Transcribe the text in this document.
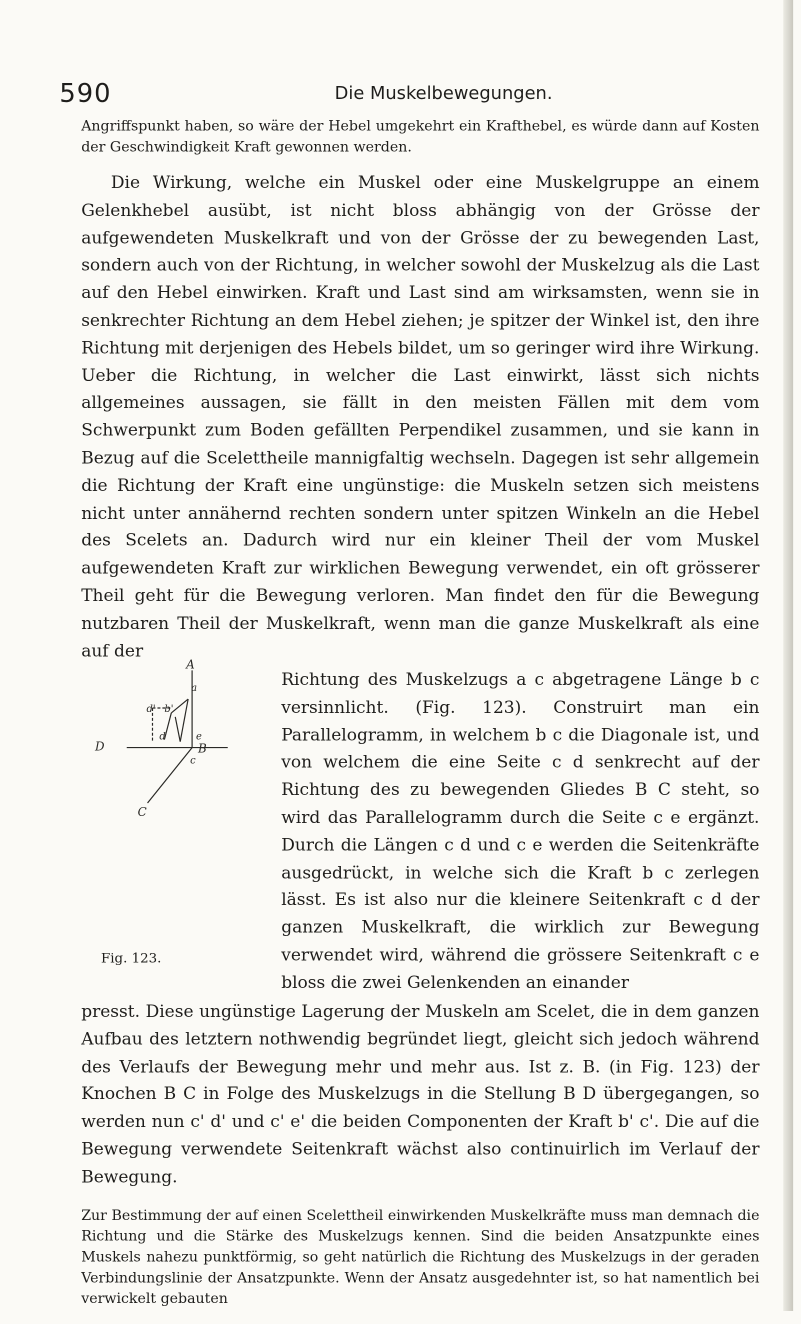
590	Die Muskelbewegungen.

Angriffspunkt haben, so wäre der Hebel umgekehrt ein Krafthebel, es würde dann auf Kosten der Geschwindigkeit Kraft gewonnen werden.

Die Wirkung, welche ein Muskel oder eine Muskelgruppe an einem Gelenkhebel ausübt, ist nicht bloss abhängig von der Grösse der aufgewendeten Muskelkraft und von der Grösse der zu bewegenden Last, sondern auch von der Richtung, in welcher sowohl der Muskelzug als die Last auf den Hebel einwirken. Kraft und Last sind am wirksamsten, wenn sie in senkrechter Richtung an dem Hebel ziehen; je spitzer der Winkel ist, den ihre Richtung mit derjenigen des Hebels bildet, um so geringer wird ihre Wirkung. Ueber die Richtung, in welcher die Last einwirkt, lässt sich nichts allgemeines aussagen, sie fällt in den meisten Fällen mit dem vom Schwerpunkt zum Boden gefällten Perpendikel zusammen, und sie kann in Bezug auf die Scelettheile mannigfaltig wechseln. Dagegen ist sehr allgemein die Richtung der Kraft eine ungünstige: die Muskeln setzen sich meistens nicht unter annähernd rechten sondern unter spitzen Winkeln an die Hebel des Scelets an. Dadurch wird nur ein kleiner Theil der vom Muskel aufgewendeten Kraft zur wirklichen Bewegung verwendet, ein oft grösserer Theil geht für die Bewegung verloren. Man findet den für die Bewegung nutzbaren Theil der Muskelkraft, wenn man die ganze Muskelkraft als eine auf der

A
a
d' b'
d	e
D	B
c
C
Fig. 123.

Richtung des Muskelzugs a c abgetragene Länge b c versinnlicht. (Fig. 123). Construirt man ein Parallelogramm, in welchem b c die Diagonale ist, und von welchem die eine Seite c d senkrecht auf der Richtung des zu bewegenden Gliedes B C steht, so wird das Parallelogramm durch die Seite c e ergänzt. Durch die Längen c d und c e werden die Seitenkräfte ausgedrückt, in welche sich die Kraft b c zerlegen lässt. Es ist also nur die kleinere Seitenkraft c d der ganzen Muskelkraft, die wirklich zur Bewegung verwendet wird, während die grössere Seitenkraft c e bloss die zwei Gelenkenden an einander

presst. Diese ungünstige Lagerung der Muskeln am Scelet, die in dem ganzen Aufbau des letztern nothwendig begründet liegt, gleicht sich jedoch während des Verlaufs der Bewegung mehr und mehr aus. Ist z. B. (in Fig. 123) der Knochen B C in Folge des Muskelzugs in die Stellung B D übergegangen, so werden nun c' d' und c' e' die beiden Componenten der Kraft b' c'. Die auf die Bewegung verwendete Seitenkraft wächst also continuirlich im Verlauf der Bewegung.

Zur Bestimmung der auf einen Scelettheil einwirkenden Muskelkräfte muss man demnach die Richtung und die Stärke des Muskelzugs kennen. Sind die beiden Ansatzpunkte eines Muskels nahezu punktförmig, so geht natürlich die Richtung des Muskelzugs in der geraden Verbindungslinie der Ansatzpunkte. Wenn der Ansatz ausgedehnter ist, so hat namentlich bei verwickelt gebauten
